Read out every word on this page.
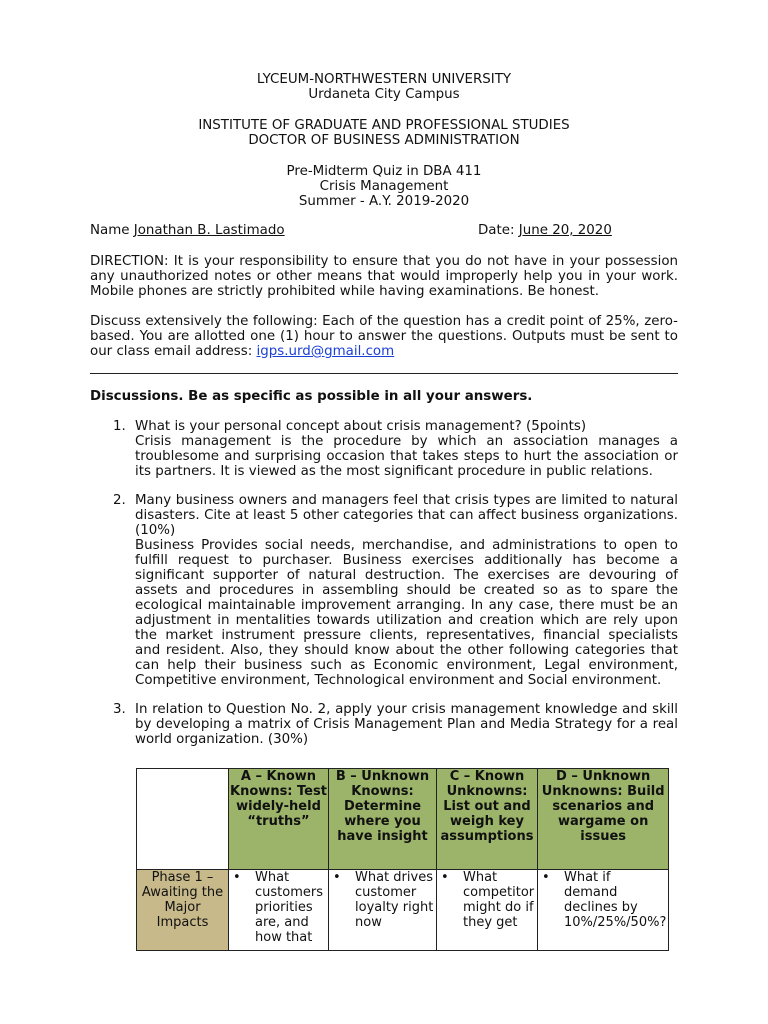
LYCEUM-NORTHWESTERN UNIVERSITY
Urdaneta City Campus
INSTITUTE OF GRADUATE AND PROFESSIONAL STUDIES
DOCTOR OF BUSINESS ADMINISTRATION
Pre-Midterm Quiz in DBA 411
Crisis Management
Summer - A.Y. 2019-2020
Name Jonathan B. Lastimado	Date: June 20, 2020

DIRECTION: It is your responsibility to ensure that you do not have in your possession any unauthorized notes or other means that would improperly help you in your work. Mobile phones are strictly prohibited while having examinations. Be honest.

Discuss extensively the following: Each of the question has a credit point of 25%, zero-based. You are allotted one (1) hour to answer the questions. Outputs must be sent to our class email address: igps.urd@gmail.com

Discussions. Be as specific as possible in all your answers.
1. What is your personal concept about crisis management? (5points)

Crisis management is the procedure by which an association manages a troublesome and surprising occasion that takes steps to hurt the association or its partners. It is viewed as the most significant procedure in public relations.

2. Many business owners and managers feel that crisis types are limited to natural disasters. Cite at least 5 other categories that can affect business organizations. (10%)

Business Provides social needs, merchandise, and administrations to open to fulfill request to purchaser. Business exercises additionally has become a significant supporter of natural destruction. The exercises are devouring of assets and procedures in assembling should be created so as to spare the ecological maintainable improvement arranging. In any case, there must be an adjustment in mentalities towards utilization and creation which are rely upon the market instrument pressure clients, representatives, financial specialists and resident. Also, they should know about the other following categories that can help their business such as Economic environment, Legal environment, Competitive environment, Technological environment and Social environment.

3. In relation to Question No. 2, apply your crisis management knowledge and skill by developing a matrix of Crisis Management Plan and Media Strategy for a real world organization. (30%)

	A – Known Knowns: Test widely-held “truths”	B – Unknown Knowns: Determine where you have insight	C – Known Unknowns: List out and weigh key assumptions	D – Unknown Unknowns: Build scenarios and wargame on issues
Phase 1 – Awaiting the Major Impacts	• What customers priorities are, and how that	• What drives customer loyalty right now	• What competitor might do if they get	• What if demand declines by 10%/25%/50%?
